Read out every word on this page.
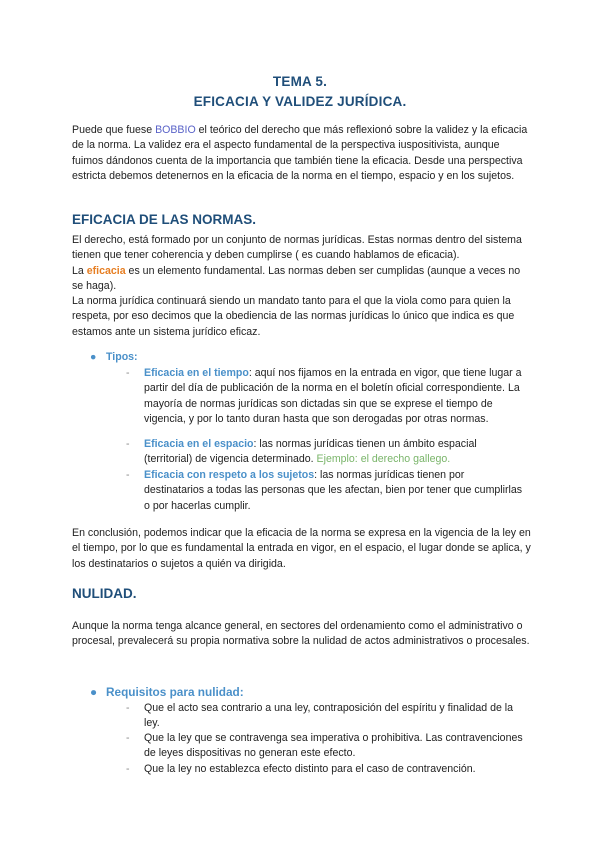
TEMA 5.
EFICACIA Y VALIDEZ JURÍDICA.
Puede que fuese BOBBIO el teórico del derecho que más reflexionó sobre la validez y la eficacia de la norma. La validez era el aspecto fundamental de la perspectiva iuspositivista, aunque fuimos dándonos cuenta de la importancia que también tiene la eficacia. Desde una perspectiva estricta debemos detenernos en la eficacia de la norma en el tiempo, espacio y en los sujetos.
EFICACIA DE LAS NORMAS.
El derecho, está formado por un conjunto de normas jurídicas. Estas normas dentro del sistema tienen que tener coherencia y deben cumplirse ( es cuando hablamos de eficacia).
La eficacia es un elemento fundamental. Las normas deben ser cumplidas (aunque a veces no se haga).
La norma jurídica continuará siendo un mandato tanto para el que la viola como para quien la respeta, por eso decimos que la obediencia de las normas jurídicas lo único que indica es que estamos ante un sistema jurídico eficaz.
● Tipos:
- Eficacia en el tiempo: aquí nos fijamos en la entrada en vigor, que tiene lugar a partir del día de publicación de la norma en el boletín oficial correspondiente. La mayoría de normas jurídicas son dictadas sin que se exprese el tiempo de vigencia, y por lo tanto duran hasta que son derogadas por otras normas.
- Eficacia en el espacio: las normas jurídicas tienen un ámbito espacial (territorial) de vigencia determinado. Ejemplo: el derecho gallego.
- Eficacia con respeto a los sujetos: las normas jurídicas tienen por destinatarios a todas las personas que les afectan, bien por tener que cumplirlas o por hacerlas cumplir.
En conclusión, podemos indicar que la eficacia de la norma se expresa en la vigencia de la ley en el tiempo, por lo que es fundamental la entrada en vigor, en el espacio, el lugar donde se aplica, y los destinatarios o sujetos a quién va dirigida.
NULIDAD.
Aunque la norma tenga alcance general, en sectores del ordenamiento como el administrativo o procesal, prevalecerá su propia normativa sobre la nulidad de actos administrativos o procesales.
● Requisitos para nulidad:
- Que el acto sea contrario a una ley, contraposición del espíritu y finalidad de la ley.
- Que la ley que se contravenga sea imperativa o prohibitiva. Las contravenciones de leyes dispositivas no generan este efecto.
- Que la ley no establezca efecto distinto para el caso de contravención.
